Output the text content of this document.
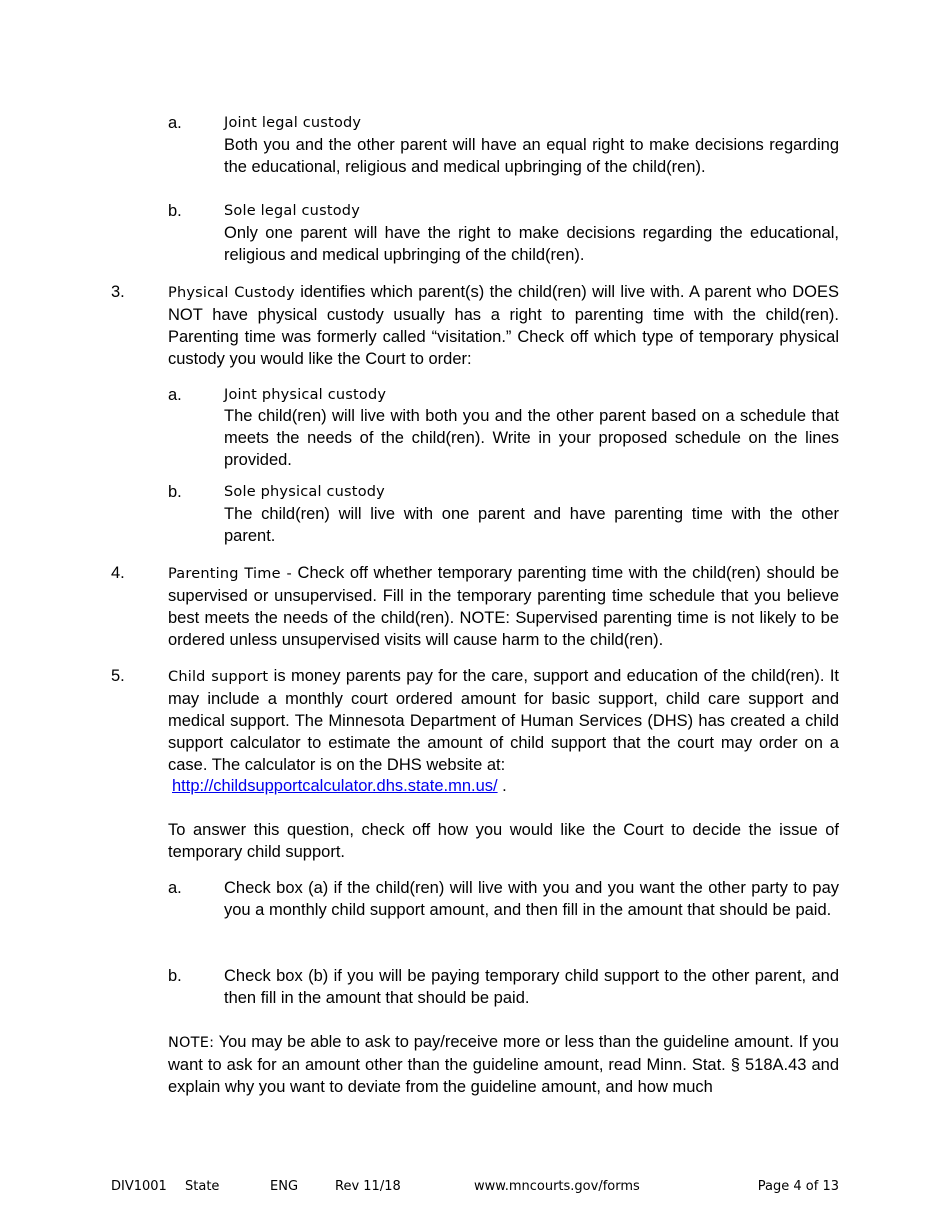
a.	Joint legal custody
Both you and the other parent will have an equal right to make decisions regarding the educational, religious and medical upbringing of the child(ren).
b.	Sole legal custody
Only one parent will have the right to make decisions regarding the educational, religious and medical upbringing of the child(ren).
3.	Physical Custody identifies which parent(s) the child(ren) will live with. A parent who DOES NOT have physical custody usually has a right to parenting time with the child(ren). Parenting time was formerly called “visitation.” Check off which type of temporary physical custody you would like the Court to order:
a.	Joint physical custody
The child(ren) will live with both you and the other parent based on a schedule that meets the needs of the child(ren). Write in your proposed schedule on the lines provided.
b.	Sole physical custody
The child(ren) will live with one parent and have parenting time with the other parent.
4.	Parenting Time - Check off whether temporary parenting time with the child(ren) should be supervised or unsupervised. Fill in the temporary parenting time schedule that you believe best meets the needs of the child(ren). NOTE: Supervised parenting time is not likely to be ordered unless unsupervised visits will cause harm to the child(ren).
5.	Child support is money parents pay for the care, support and education of the child(ren). It may include a monthly court ordered amount for basic support, child care support and medical support. The Minnesota Department of Human Services (DHS) has created a child support calculator to estimate the amount of child support that the court may order on a case. The calculator is on the DHS website at:
http://childsupportcalculator.dhs.state.mn.us/ .
To answer this question, check off how you would like the Court to decide the issue of temporary child support.
a.	Check box (a) if the child(ren) will live with you and you want the other party to pay you a monthly child support amount, and then fill in the amount that should be paid.
b.	Check box (b) if you will be paying temporary child support to the other parent, and then fill in the amount that should be paid.
NOTE: You may be able to ask to pay/receive more or less than the guideline amount. If you want to ask for an amount other than the guideline amount, read Minn. Stat. § 518A.43 and explain why you want to deviate from the guideline amount, and how much
DIV1001 State	ENG	Rev 11/18	www.mncourts.gov/forms	Page 4 of 13
